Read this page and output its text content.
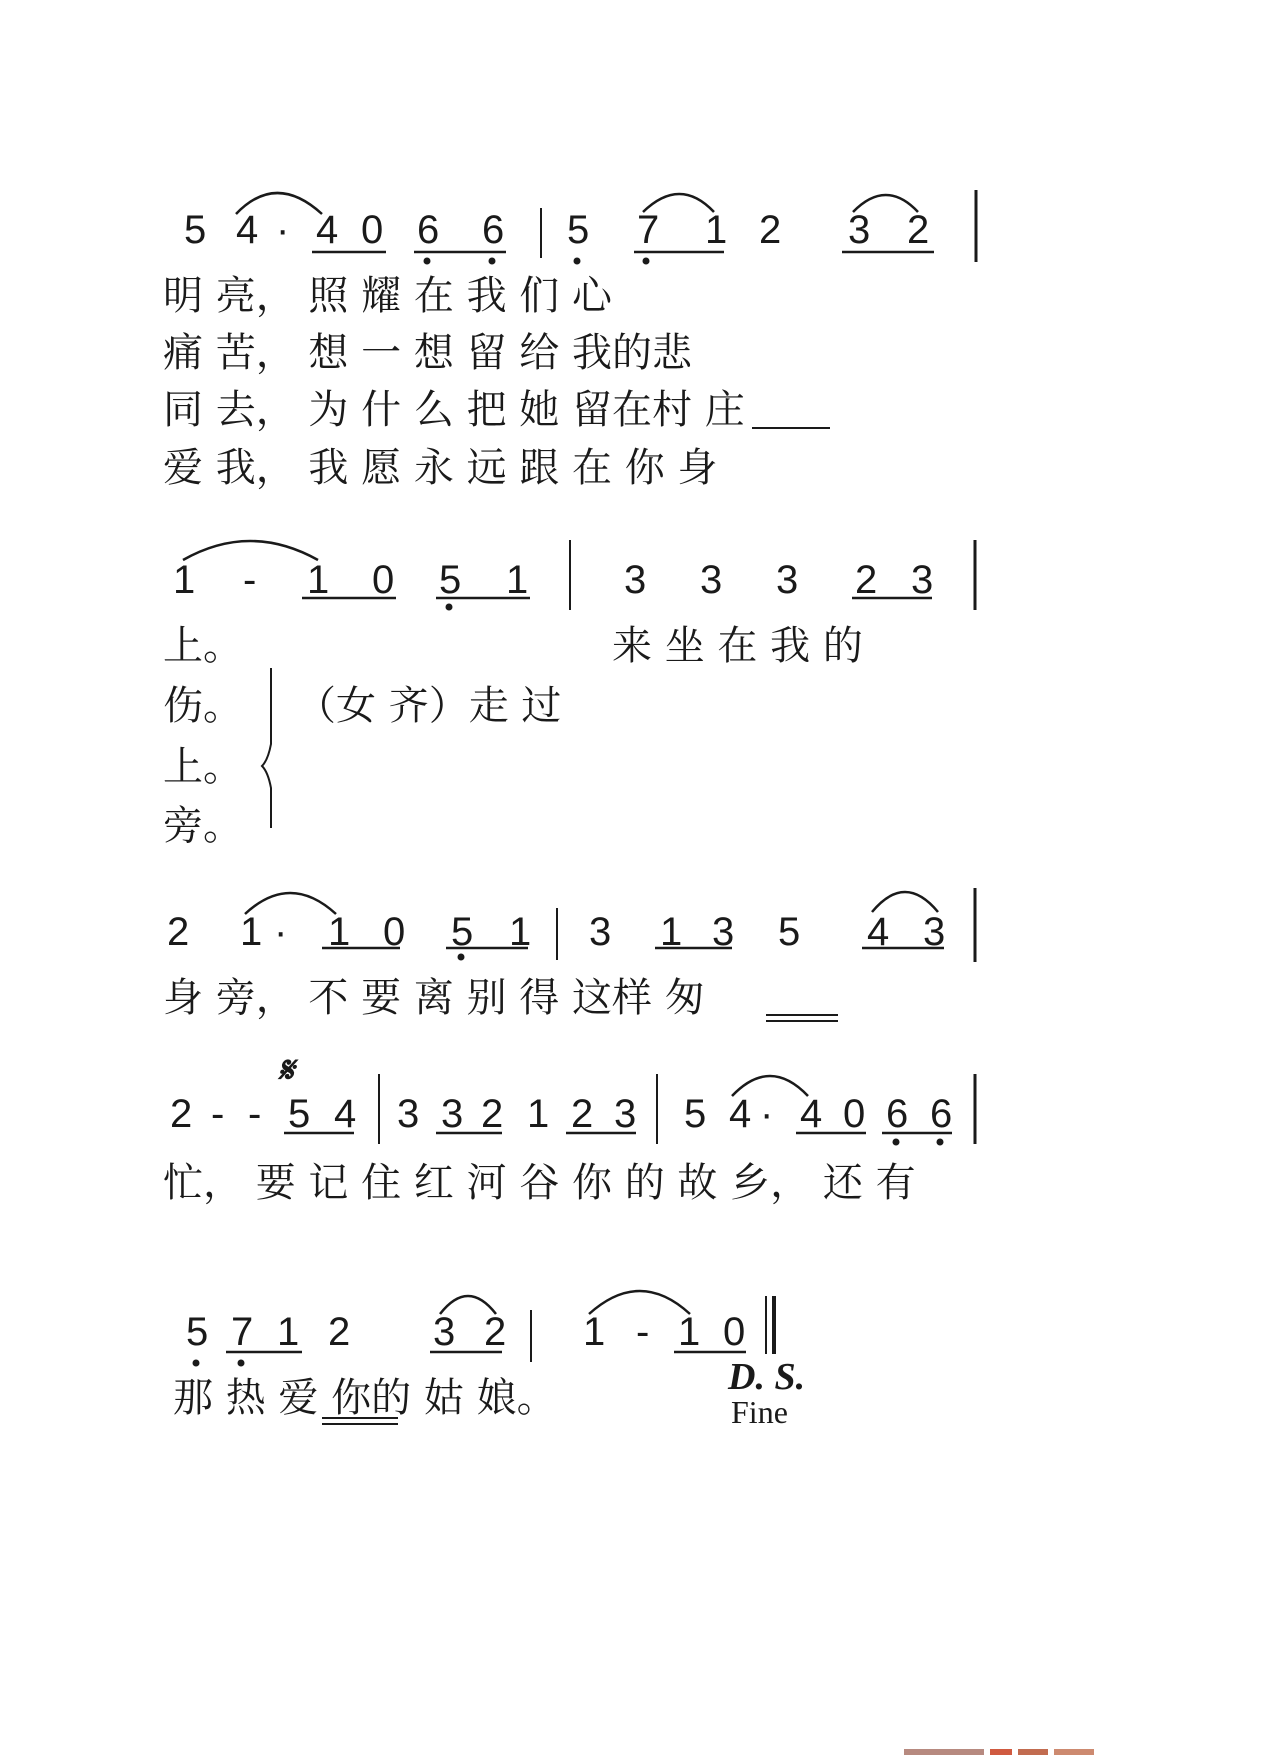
5 4 · 4 0 6 6 5 7 1 2 3 2
明 亮， 照 耀 在 我 们 心
痛 苦， 想 一 想 留 给 我的悲
同 去， 为 什 么 把 她 留在村 庄
爱 我， 我 愿 永 远 跟 在 你 身
1 - 1 0 5 1 3 3 3 2 3
上。	来 坐 在 我 的
伤。 （女 齐）走 过
上。
旁。
2 1 · 1 0 5 1 3 1 3 5 4 3
身 旁， 不 要 离 别 得 这样 匆
𝄋
2 - - 5 4 3 3 2 1 2 3 5 4 · 4 0 6 6
忙， 要 记 住 红 河 谷 你 的 故 乡， 还 有
5 7 1 2 3 2 1 - 1 0
那 热 爱 你的 姑 娘。	D. S.
Fine
